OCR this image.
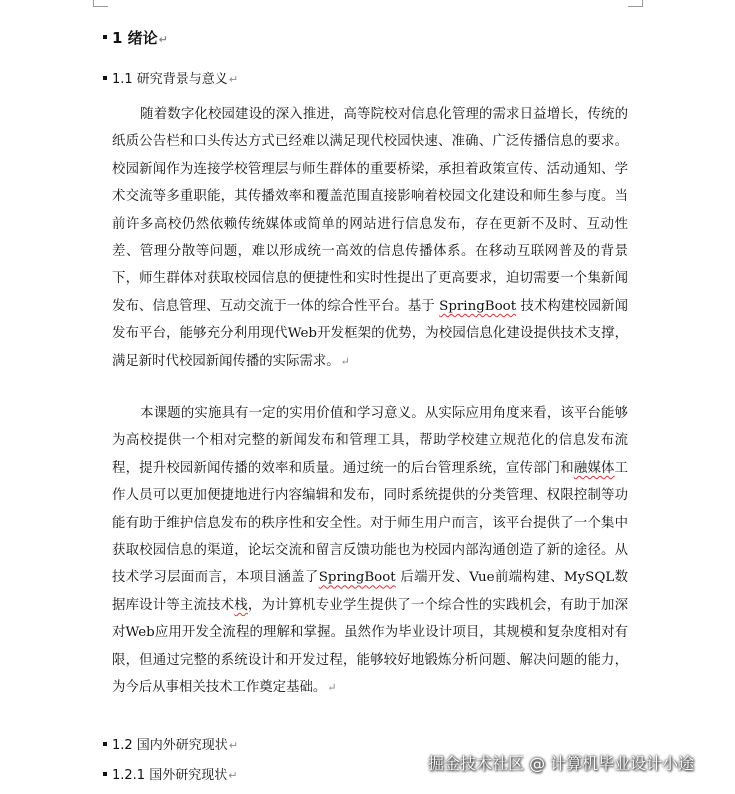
1 绪论↵
1.1 研究背景与意义↵

随着数字化校园建设的深入推进，高等院校对信息化管理的需求日益增长，传统的纸质公告栏和口头传达方式已经难以满足现代校园快速、准确、广泛传播信息的要求。校园新闻作为连接学校管理层与师生群体的重要桥梁，承担着政策宣传、活动通知、学术交流等多重职能，其传播效率和覆盖范围直接影响着校园文化建设和师生参与度。当前许多高校仍然依赖传统媒体或简单的网站进行信息发布，存在更新不及时、互动性差、管理分散等问题，难以形成统一高效的信息传播体系。在移动互联网普及的背景下，师生群体对获取校园信息的便捷性和实时性提出了更高要求，迫切需要一个集新闻发布、信息管理、互动交流于一体的综合性平台。基于 SpringBoot 技术构建校园新闻发布平台，能够充分利用现代Web开发框架的优势，为校园信息化建设提供技术支撑，满足新时代校园新闻传播的实际需求。↵

本课题的实施具有一定的实用价值和学习意义。从实际应用角度来看，该平台能够为高校提供一个相对完整的新闻发布和管理工具，帮助学校建立规范化的信息发布流程，提升校园新闻传播的效率和质量。通过统一的后台管理系统，宣传部门和融媒体工作人员可以更加便捷地进行内容编辑和发布，同时系统提供的分类管理、权限控制等功能有助于维护信息发布的秩序性和安全性。对于师生用户而言，该平台提供了一个集中获取校园信息的渠道，论坛交流和留言反馈功能也为校园内部沟通创造了新的途径。从技术学习层面而言，本项目涵盖了SpringBoot 后端开发、Vue前端构建、MySQL数据库设计等主流技术栈，为计算机专业学生提供了一个综合性的实践机会，有助于加深对Web应用开发全流程的理解和掌握。虽然作为毕业设计项目，其规模和复杂度相对有限，但通过完整的系统设计和开发过程，能够较好地锻炼分析问题、解决问题的能力，为今后从事相关技术工作奠定基础。↵

1.2 国内外研究现状↵
1.2.1 国外研究现状↵
掘金技术社区 @ 计算机毕业设计小途
